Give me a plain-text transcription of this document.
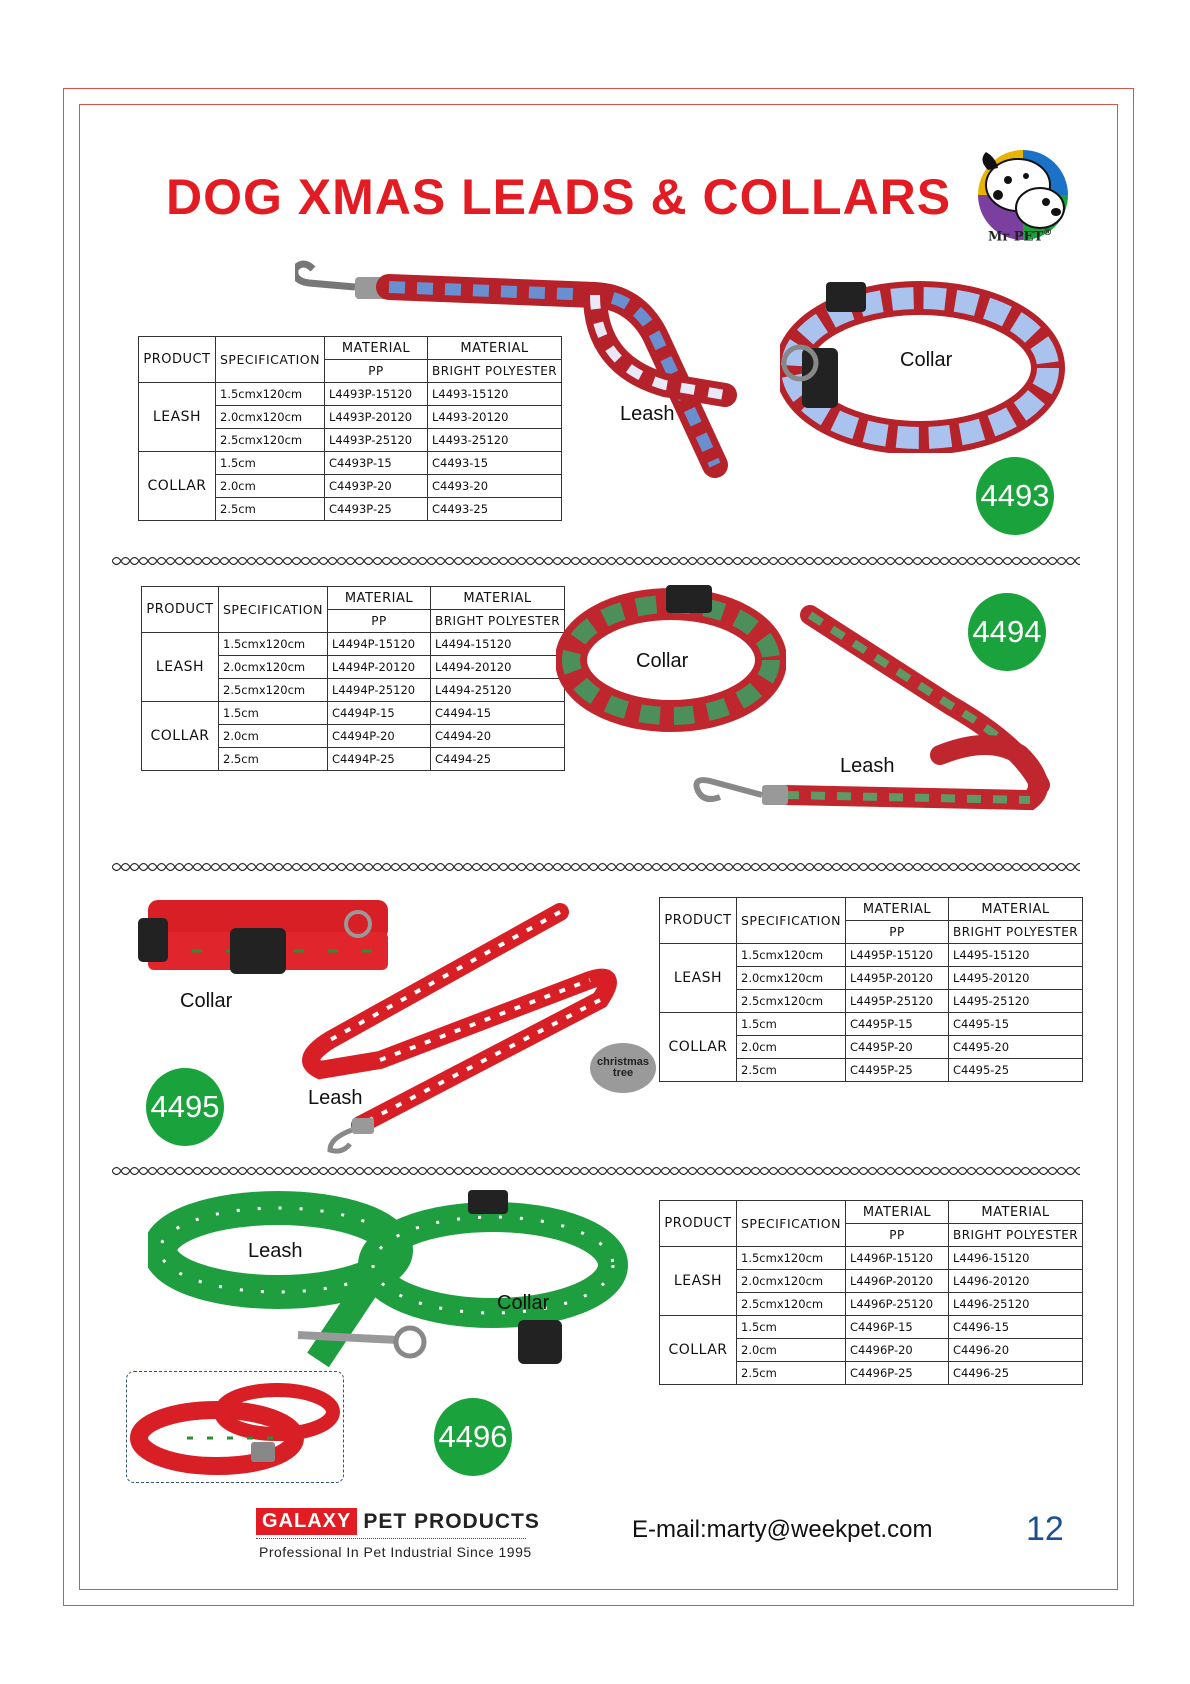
DOG XMAS LEADS & COLLARS
Mr PET®
PRODUCT	SPECIFICATION	MATERIAL	MATERIAL
		PP	BRIGHT POLYESTER
LEASH	1.5cmx120cm	L4493P-15120	L4493-15120
	2.0cmx120cm	L4493P-20120	L4493-20120
	2.5cmx120cm	L4493P-25120	L4493-25120
COLLAR	1.5cm	C4493P-15	C4493-15
	2.0cm	C4493P-20	C4493-20
	2.5cm	C4493P-25	C4493-25
Leash
Collar
4493
PRODUCT	SPECIFICATION	MATERIAL	MATERIAL
		PP	BRIGHT POLYESTER
LEASH	1.5cmx120cm	L4494P-15120	L4494-15120
	2.0cmx120cm	L4494P-20120	L4494-20120
	2.5cmx120cm	L4494P-25120	L4494-25120
COLLAR	1.5cm	C4494P-15	C4494-15
	2.0cm	C4494P-20	C4494-20
	2.5cm	C4494P-25	C4494-25
Collar
Leash
4494
PRODUCT	SPECIFICATION	MATERIAL	MATERIAL
		PP	BRIGHT POLYESTER
LEASH	1.5cmx120cm	L4495P-15120	L4495-15120
	2.0cmx120cm	L4495P-20120	L4495-20120
	2.5cmx120cm	L4495P-25120	L4495-25120
COLLAR	1.5cm	C4495P-15	C4495-15
	2.0cm	C4495P-20	C4495-20
	2.5cm	C4495P-25	C4495-25
Collar
Leash
christmas tree
4495
PRODUCT	SPECIFICATION	MATERIAL	MATERIAL
		PP	BRIGHT POLYESTER
LEASH	1.5cmx120cm	L4496P-15120	L4496-15120
	2.0cmx120cm	L4496P-20120	L4496-20120
	2.5cmx120cm	L4496P-25120	L4496-25120
COLLAR	1.5cm	C4496P-15	C4496-15
	2.0cm	C4496P-20	C4496-20
	2.5cm	C4496P-25	C4496-25
Leash
Collar
4496
GALAXY PET PRODUCTS
Professional In Pet Industrial Since 1995
E-mail:marty@weekpet.com	12
